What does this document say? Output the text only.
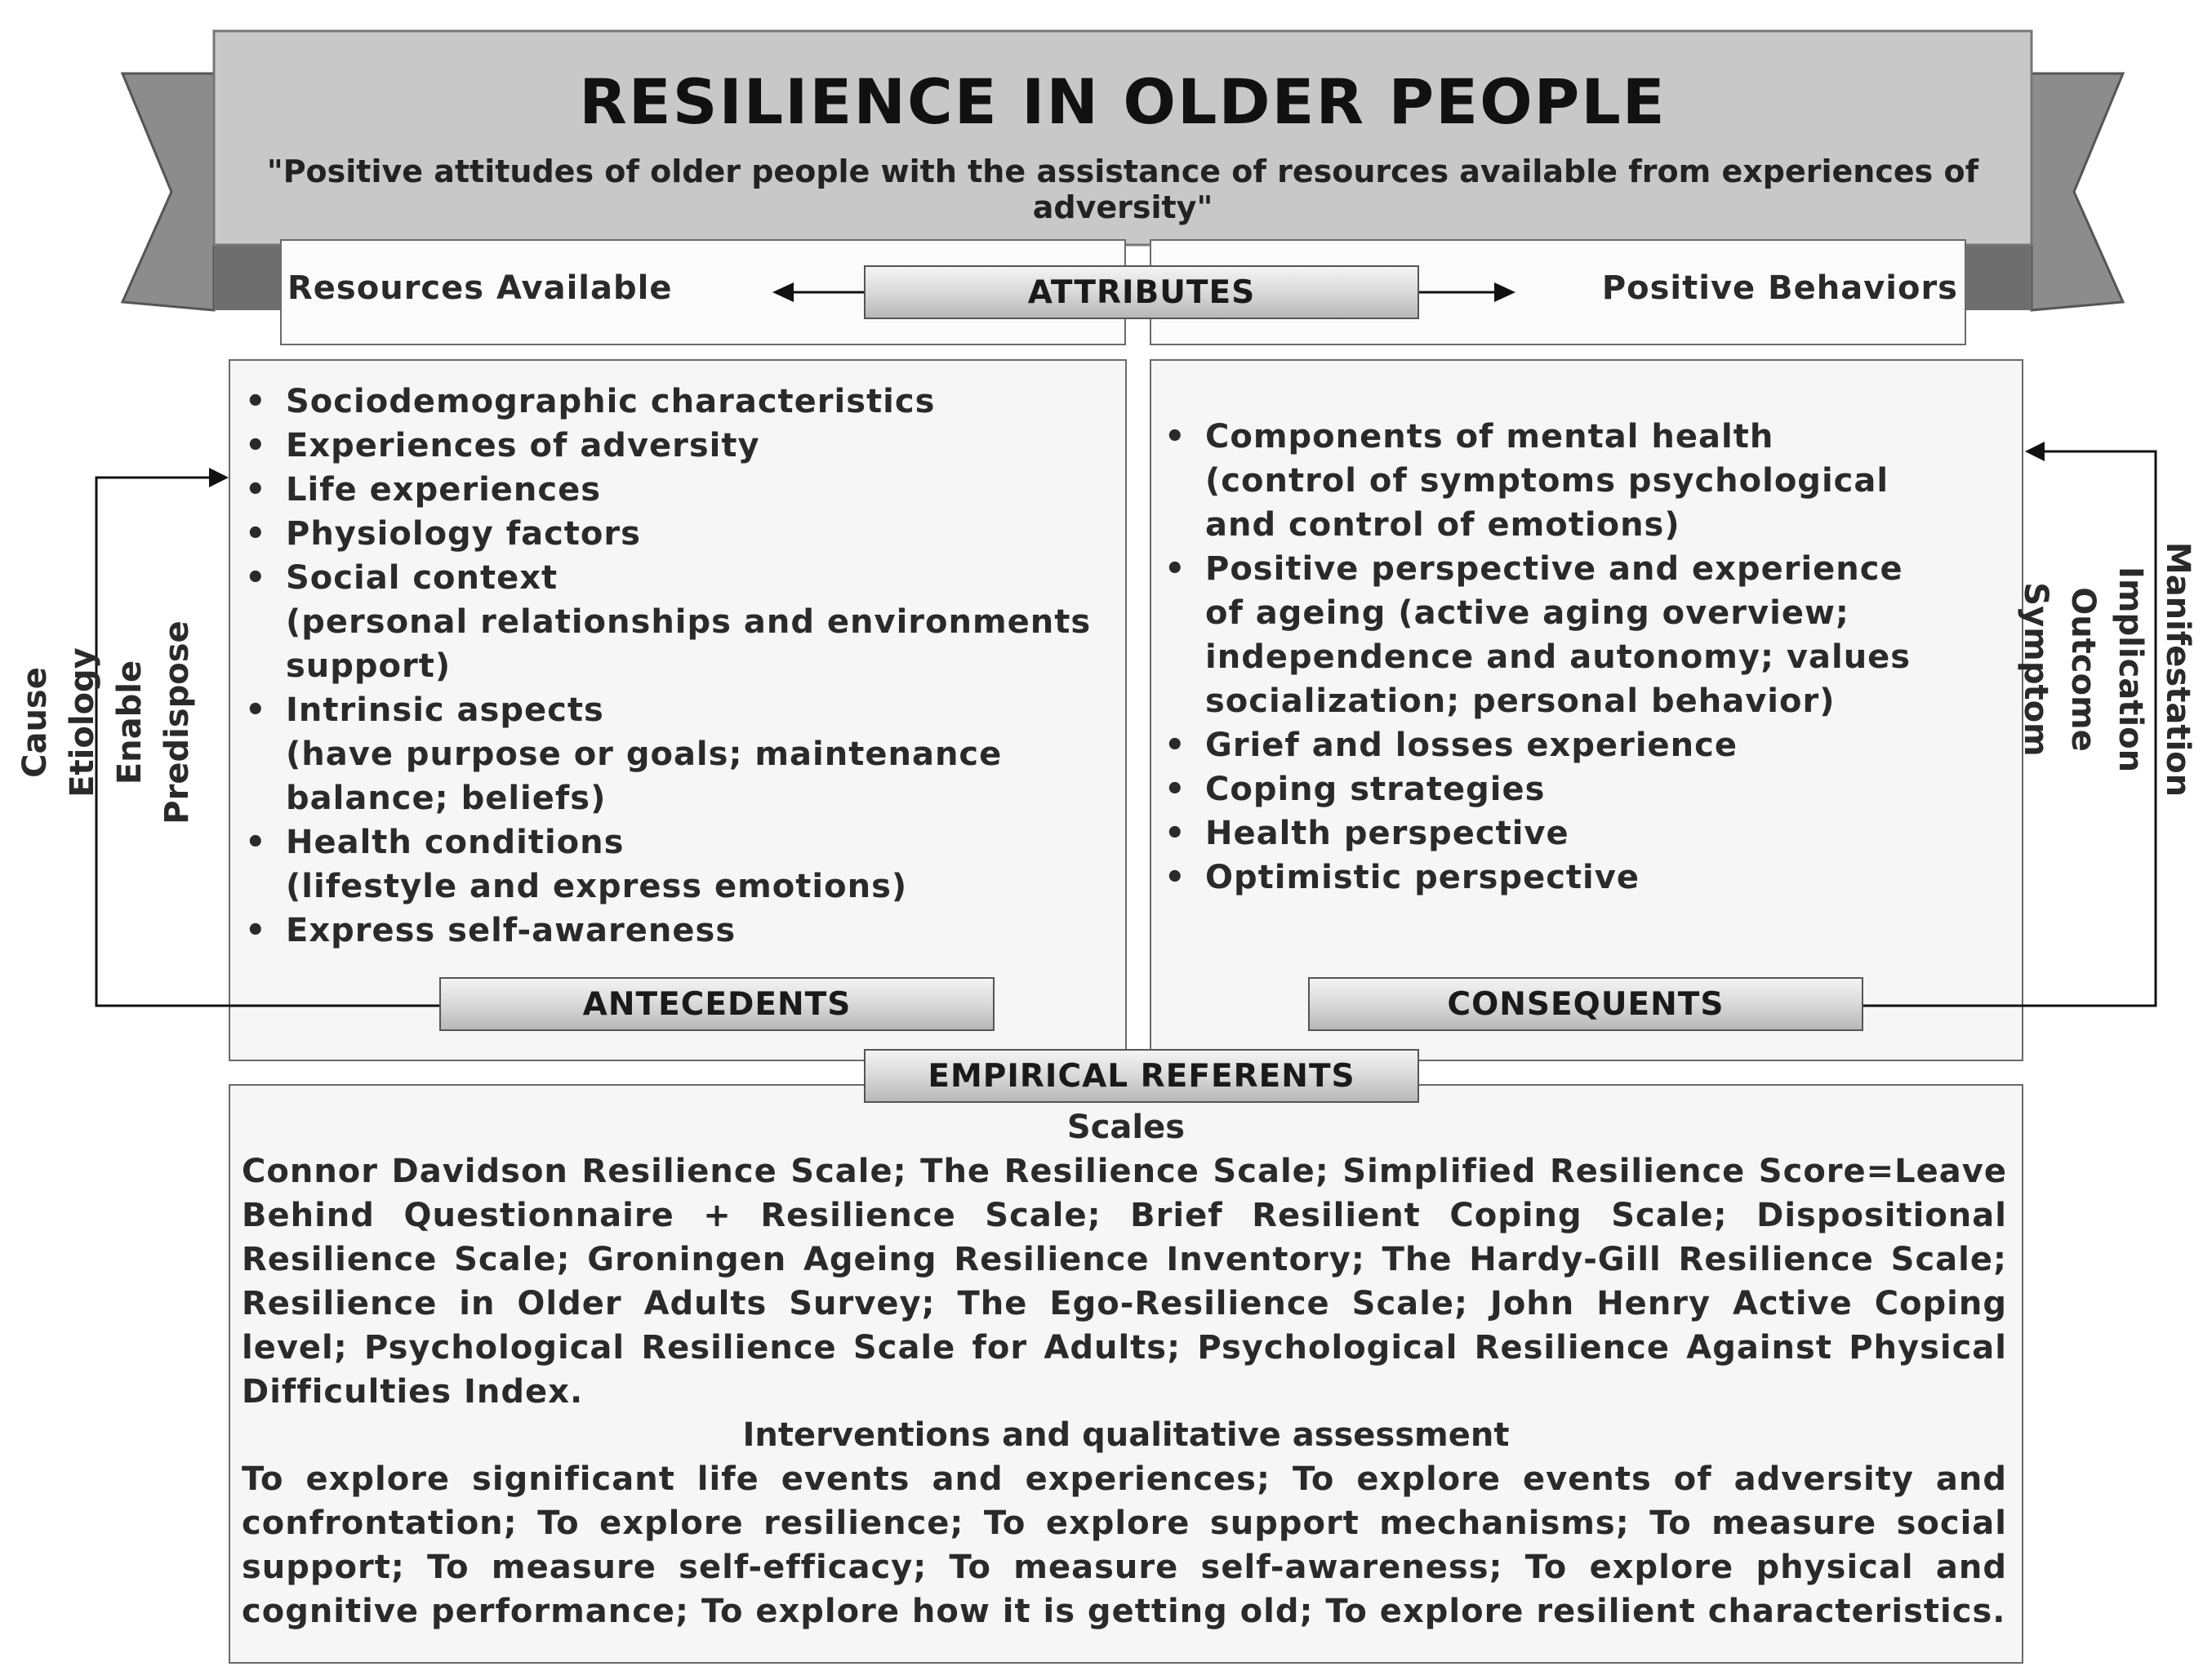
RESILIENCE IN OLDER PEOPLE
"Positive attitudes of older people with the assistance of resources available from experiences of adversity"
Resources Available	Positive Behaviors
ATTRIBUTES
• Sociodemographic characteristics
• Experiences of adversity
• Life experiences
• Physiology factors
• Social context
(personal relationships and environments support)
• Intrinsic aspects
(have purpose or goals; maintenance balance; beliefs)
• Health conditions
(lifestyle and express emotions)
• Express self-awareness
• Components of mental health (control of symptoms psychological and control of emotions)
• Positive perspective and experience of ageing (active aging overview; independence and autonomy; values socialization; personal behavior)
• Grief and losses experience
• Coping strategies
• Health perspective
• Optimistic perspective
Cause Etiology Enable Predispose	Manifestation
Implication
Outcome
Symptom
ANTECEDENTS	CONSEQUENTS
EMPIRICAL REFERENTS
Scales
Connor Davidson Resilience Scale; The Resilience Scale; Simplified Resilience Score=Leave Behind Questionnaire + Resilience Scale; Brief Resilient Coping Scale; Dispositional Resilience Scale; Groningen Ageing Resilience Inventory; The Hardy-Gill Resilience Scale; Resilience in Older Adults Survey; The Ego-Resilience Scale; John Henry Active Coping level; Psychological Resilience Scale for Adults; Psychological Resilience Against Physical Difficulties Index.
Interventions and qualitative assessment
To explore significant life events and experiences; To explore events of adversity and confrontation; To explore resilience; To explore support mechanisms; To measure social support; To measure self-efficacy; To measure self-awareness; To explore physical and cognitive performance; To explore how it is getting old; To explore resilient characteristics.
